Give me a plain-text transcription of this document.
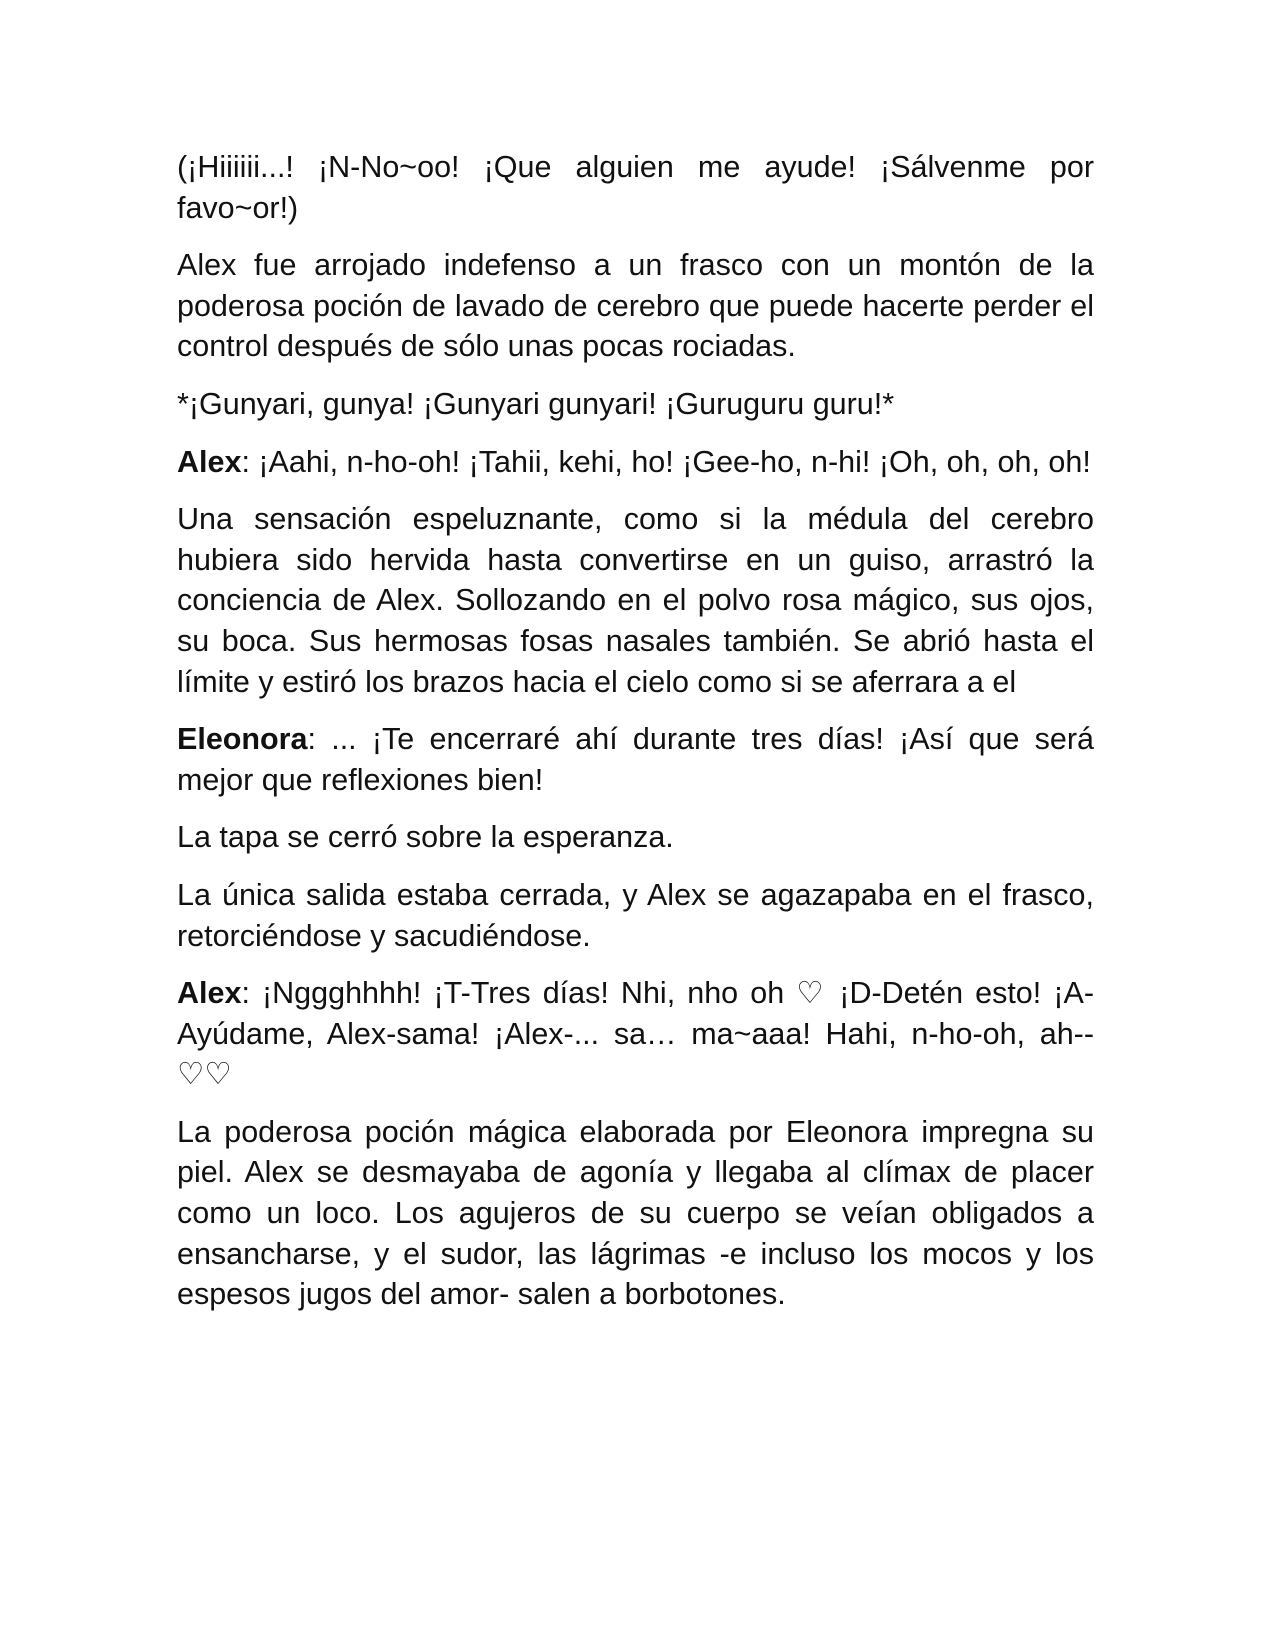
(¡Hiiiiii...! ¡N-No~oo! ¡Que alguien me ayude! ¡Sálvenme por favo~or!)

Alex fue arrojado indefenso a un frasco con un montón de la poderosa poción de lavado de cerebro que puede hacerte perder el control después de sólo unas pocas rociadas.

*¡Gunyari, gunya! ¡Gunyari gunyari! ¡Guruguru guru!*

Alex: ¡Aahi, n-ho-oh! ¡Tahii, kehi, ho! ¡Gee-ho, n-hi! ¡Oh, oh, oh, oh!

Una sensación espeluznante, como si la médula del cerebro hubiera sido hervida hasta convertirse en un guiso, arrastró la conciencia de Alex. Sollozando en el polvo rosa mágico, sus ojos, su boca. Sus hermosas fosas nasales también. Se abrió hasta el límite y estiró los brazos hacia el cielo como si se aferrara a el

Eleonora: ... ¡Te encerraré ahí durante tres días! ¡Así que será mejor que reflexiones bien!

La tapa se cerró sobre la esperanza.

La única salida estaba cerrada, y Alex se agazapaba en el frasco, retorciéndose y sacudiéndose.

Alex: ¡Nggghhhh! ¡T-Tres días! Nhi, nho oh ♡ ¡D-Detén esto! ¡A-Ayúdame, Alex-sama! ¡Alex-... sa… ma~aaa! Hahi, n-ho-oh, ah--♡♡

La poderosa poción mágica elaborada por Eleonora impregna su piel. Alex se desmayaba de agonía y llegaba al clímax de placer como un loco. Los agujeros de su cuerpo se veían obligados a ensancharse, y el sudor, las lágrimas -e incluso los mocos y los espesos jugos del amor- salen a borbotones.
